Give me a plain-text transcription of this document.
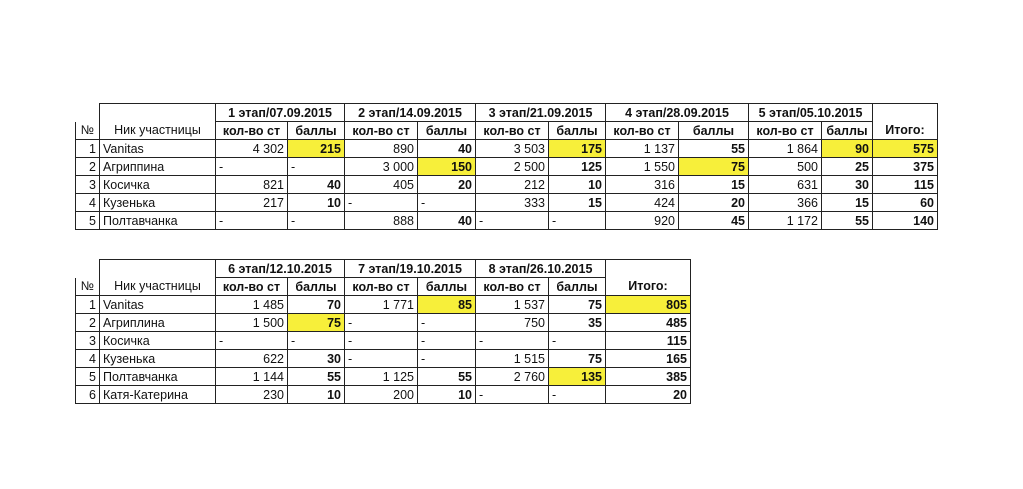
		1 этап/07.09.2015		2 этап/14.09.2015		3 этап/21.09.2015		4 этап/28.09.2015		5 этап/05.10.2015		
№	Ник участницы	кол-во ст	баллы	кол-во ст	баллы	кол-во ст	баллы	кол-во ст	баллы	кол-во ст	баллы	Итого:
1	Vanitas	4 302	215	890	40	3 503	175	1 137	55	1 864	90	575
2	Агриппина	-	-	3 000	150	2 500	125	1 550	75	500	25	375
3	Косичка	821	40	405	20	212	10	316	15	631	30	115
4	Кузенька	217	10	-	-	333	15	424	20	366	15	60
5	Полтавчанка	-	-	888	40	-	-	920	45	1 172	55	140
		6 этап/12.10.2015		7 этап/19.10.2015		8 этап/26.10.2015		
№	Ник участницы	кол-во ст	баллы	кол-во ст	баллы	кол-во ст	баллы	Итого:
1	Vanitas	1 485	70	1 771	85	1 537	75	805
2	Агриплина	1 500	75	-	-	750	35	485
3	Косичка	-	-	-	-	-	-	115
4	Кузенька	622	30	-	-	1 515	75	165
5	Полтавчанка	1 144	55	1 125	55	2 760	135	385
6	Катя-Катерина	230	10	200	10	-	-	20
